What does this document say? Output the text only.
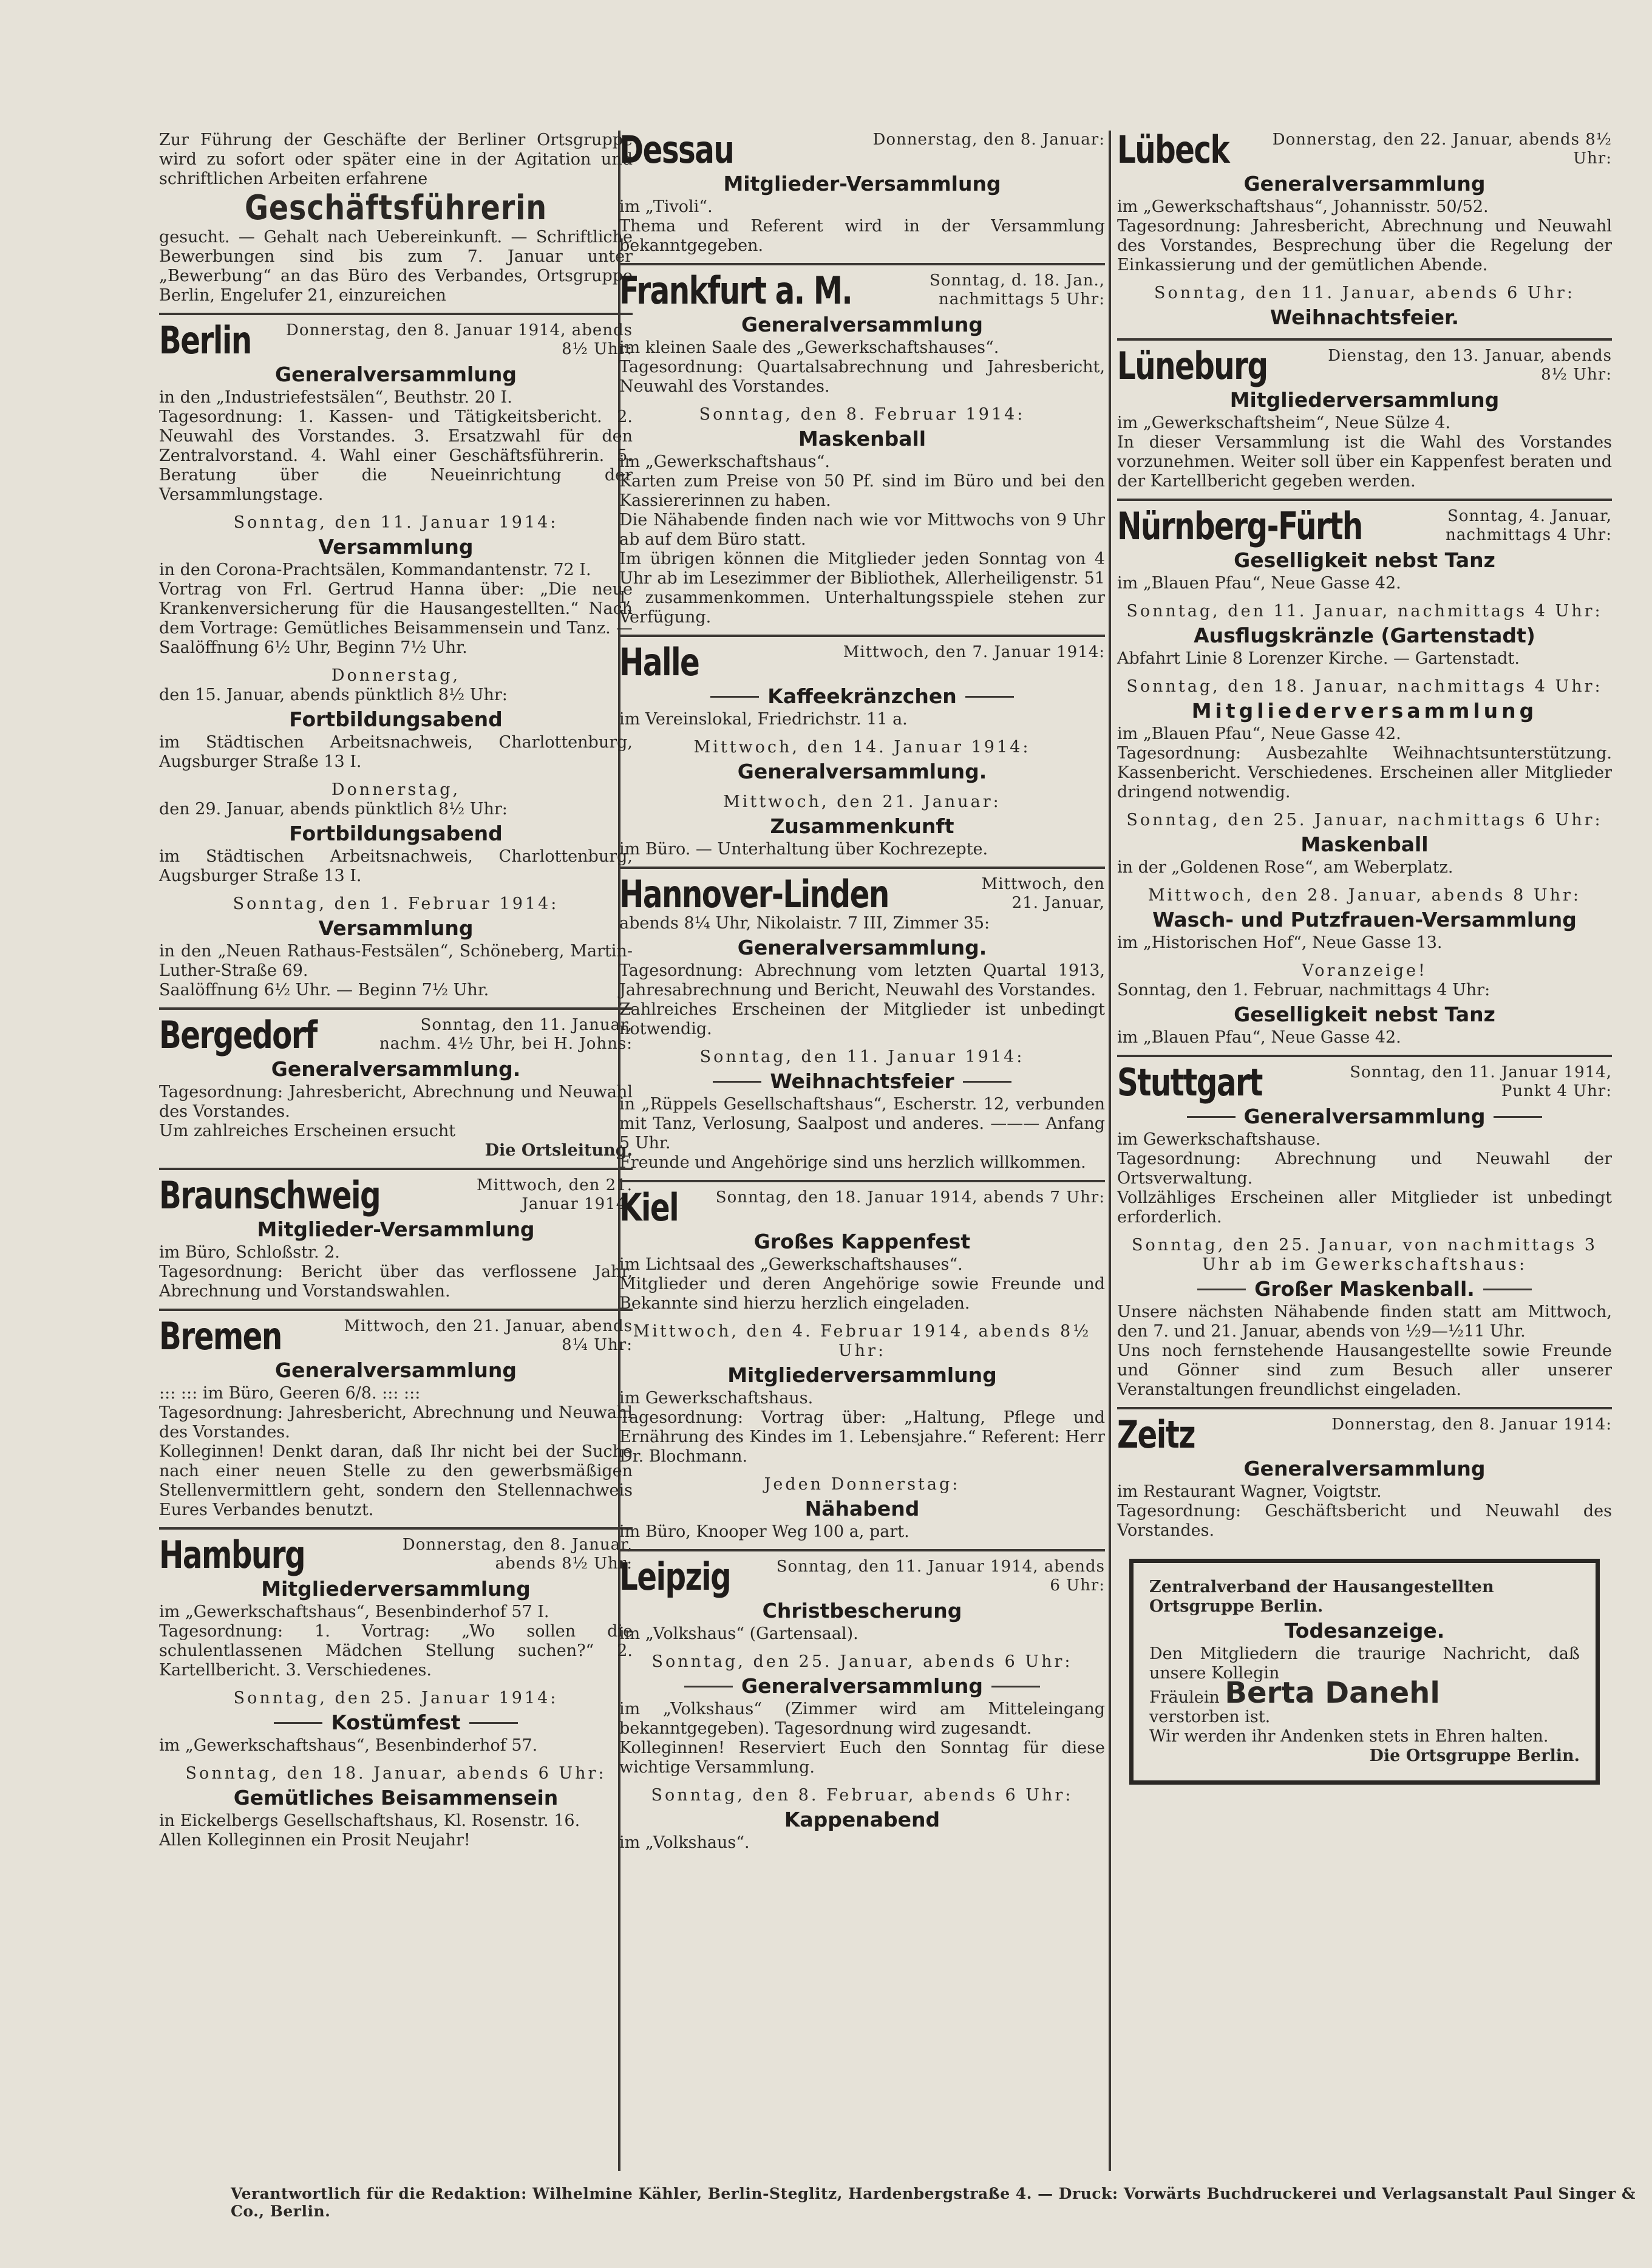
Zur Führung der Geschäfte der Berliner Ortsgruppe wird zu sofort oder später eine in der Agitation und schriftlichen Arbeiten erfahrene
Geschäftsführerin
gesucht. — Gehalt nach Uebereinkunft. — Schriftliche Bewerbungen sind bis zum 7. Januar unter „Bewerbung“ an das Büro des Verbandes, Ortsgruppe Berlin, Engelufer 21, einzureichen
Berlin	Donnerstag, den 8. Januar 1914, abends 8½ Uhr:
Generalversammlung
in den „Industriefestsälen“, Beuthstr. 20 I.
Tagesordnung: 1. Kassen- und Tätigkeitsbericht. 2. Neuwahl des Vorstandes. 3. Ersatzwahl für den Zentralvorstand. 4. Wahl einer Geschäftsführerin. 5. Beratung über die Neueinrichtung der Versammlungstage.
Sonntag, den 11. Januar 1914:
Versammlung
in den Corona-Prachtsälen, Kommandantenstr. 72 I.
Vortrag von Frl. Gertrud Hanna über: „Die neue Krankenversicherung für die Hausangestellten.“ Nach dem Vortrage: Gemütliches Beisammensein und Tanz. — Saalöffnung 6½ Uhr, Beginn 7½ Uhr.
Donnerstag,
den 15. Januar, abends pünktlich 8½ Uhr:
Fortbildungsabend
im Städtischen Arbeitsnachweis, Charlottenburg, Augsburger Straße 13 I.
Donnerstag,
den 29. Januar, abends pünktlich 8½ Uhr:
Fortbildungsabend
im Städtischen Arbeitsnachweis, Charlottenburg, Augsburger Straße 13 I.
Sonntag, den 1. Februar 1914:
Versammlung
in den „Neuen Rathaus-Festsälen“, Schöneberg, Martin-Luther-Straße 69.
Saalöffnung 6½ Uhr. — Beginn 7½ Uhr.
Bergedorf	Sonntag, den 11. Januar, nachm. 4½ Uhr, bei H. Johns:
Generalversammlung.
Tagesordnung: Jahresbericht, Abrechnung und Neuwahl des Vorstandes.
Um zahlreiches Erscheinen ersucht
Die Ortsleitung.
Braunschweig	Mittwoch, den 21. Januar 1914:
Mitglieder-Versammlung
im Büro, Schloßstr. 2.
Tagesordnung: Bericht über das verflossene Jahr, Abrechnung und Vorstandswahlen.
Bremen	Mittwoch, den 21. Januar, abends 8¼ Uhr:
Generalversammlung
::: ::: im Büro, Geeren 6/8. ::: :::
Tagesordnung: Jahresbericht, Abrechnung und Neuwahl des Vorstandes.
Kolleginnen! Denkt daran, daß Ihr nicht bei der Suche nach einer neuen Stelle zu den gewerbsmäßigen Stellenvermittlern geht, sondern den Stellennachweis Eures Verbandes benutzt.
Hamburg	Donnerstag, den 8. Januar, abends 8½ Uhr:
Mitgliederversammlung
im „Gewerkschaftshaus“, Besenbinderhof 57 I.
Tagesordnung: 1. Vortrag: „Wo sollen die schulentlassenen Mädchen Stellung suchen?“ 2. Kartellbericht. 3. Verschiedenes.
Sonntag, den 25. Januar 1914:
Kostümfest
im „Gewerkschaftshaus“, Besenbinderhof 57.
Sonntag, den 18. Januar, abends 6 Uhr:
Gemütliches Beisammensein
in Eickelbergs Gesellschaftshaus, Kl. Rosenstr. 16.
Allen Kolleginnen ein Prosit Neujahr!
Dessau	Donnerstag, den 8. Januar:
Mitglieder-Versammlung
im „Tivoli“.
Thema und Referent wird in der Versammlung bekanntgegeben.
Frankfurt a. M.	Sonntag, d. 18. Jan., nachmittags 5 Uhr:
Generalversammlung
im kleinen Saale des „Gewerkschaftshauses“.
Tagesordnung: Quartalsabrechnung und Jahresbericht, Neuwahl des Vorstandes.
Sonntag, den 8. Februar 1914:
Maskenball
im „Gewerkschaftshaus“.
Karten zum Preise von 50 Pf. sind im Büro und bei den Kassiererinnen zu haben.
Die Nähabende finden nach wie vor Mittwochs von 9 Uhr ab auf dem Büro statt.
Im übrigen können die Mitglieder jeden Sonntag von 4 Uhr ab im Lesezimmer der Bibliothek, Allerheiligenstr. 51 I, zusammenkommen. Unterhaltungsspiele stehen zur Verfügung.
Halle	Mittwoch, den 7. Januar 1914:
Kaffeekränzchen
im Vereinslokal, Friedrichstr. 11 a.
Mittwoch, den 14. Januar 1914:
Generalversammlung.
Mittwoch, den 21. Januar:
Zusammenkunft
im Büro. — Unterhaltung über Kochrezepte.
Hannover-Linden	Mittwoch, den 21. Januar,
abends 8¼ Uhr, Nikolaistr. 7 III, Zimmer 35:
Generalversammlung.
Tagesordnung: Abrechnung vom letzten Quartal 1913, Jahresabrechnung und Bericht, Neuwahl des Vorstandes.
Zahlreiches Erscheinen der Mitglieder ist unbedingt notwendig.
Sonntag, den 11. Januar 1914:
Weihnachtsfeier
in „Rüppels Gesellschaftshaus“, Escherstr. 12, verbunden mit Tanz, Verlosung, Saalpost und anderes. ——— Anfang 5 Uhr.
Freunde und Angehörige sind uns herzlich willkommen.
Kiel	Sonntag, den 18. Januar 1914, abends 7 Uhr:
Großes Kappenfest
im Lichtsaal des „Gewerkschaftshauses“.
Mitglieder und deren Angehörige sowie Freunde und Bekannte sind hierzu herzlich eingeladen.
Mittwoch, den 4. Februar 1914, abends 8½ Uhr:
Mitgliederversammlung
im Gewerkschaftshaus.
Tagesordnung: Vortrag über: „Haltung, Pflege und Ernährung des Kindes im 1. Lebensjahre.“ Referent: Herr Dr. Blochmann.
Jeden Donnerstag:
Nähabend
im Büro, Knooper Weg 100 a, part.
Leipzig	Sonntag, den 11. Januar 1914, abends 6 Uhr:
Christbescherung
im „Volkshaus“ (Gartensaal).
Sonntag, den 25. Januar, abends 6 Uhr:
Generalversammlung
im „Volkshaus“ (Zimmer wird am Mitteleingang bekanntgegeben). Tagesordnung wird zugesandt.
Kolleginnen! Reserviert Euch den Sonntag für diese wichtige Versammlung.
Sonntag, den 8. Februar, abends 6 Uhr:
Kappenabend
im „Volkshaus“.
Lübeck	Donnerstag, den 22. Januar, abends 8½ Uhr:
Generalversammlung
im „Gewerkschaftshaus“, Johannisstr. 50/52.
Tagesordnung: Jahresbericht, Abrechnung und Neuwahl des Vorstandes, Besprechung über die Regelung der Einkassierung und der gemütlichen Abende.
Sonntag, den 11. Januar, abends 6 Uhr:
Weihnachtsfeier.
Lüneburg	Dienstag, den 13. Januar, abends 8½ Uhr:
Mitgliederversammlung
im „Gewerkschaftsheim“, Neue Sülze 4.
In dieser Versammlung ist die Wahl des Vorstandes vorzunehmen. Weiter soll über ein Kappenfest beraten und der Kartellbericht gegeben werden.
Nürnberg-Fürth	Sonntag, 4. Januar, nachmittags 4 Uhr:
Geselligkeit nebst Tanz
im „Blauen Pfau“, Neue Gasse 42.
Sonntag, den 11. Januar, nachmittags 4 Uhr:
Ausflugskränzle (Gartenstadt)
Abfahrt Linie 8 Lorenzer Kirche. — Gartenstadt.
Sonntag, den 18. Januar, nachmittags 4 Uhr:
Mitgliederversammlung
im „Blauen Pfau“, Neue Gasse 42.
Tagesordnung: Ausbezahlte Weihnachtsunterstützung. Kassenbericht. Verschiedenes. Erscheinen aller Mitglieder dringend notwendig.
Sonntag, den 25. Januar, nachmittags 6 Uhr:
Maskenball
in der „Goldenen Rose“, am Weberplatz.
Mittwoch, den 28. Januar, abends 8 Uhr:
Wasch- und Putzfrauen-Versammlung
im „Historischen Hof“, Neue Gasse 13.
Voranzeige!
Sonntag, den 1. Februar, nachmittags 4 Uhr:
Geselligkeit nebst Tanz
im „Blauen Pfau“, Neue Gasse 42.
Stuttgart	Sonntag, den 11. Januar 1914, Punkt 4 Uhr:
Generalversammlung
im Gewerkschaftshause.
Tagesordnung: Abrechnung und Neuwahl der Ortsverwaltung.
Vollzähliges Erscheinen aller Mitglieder ist unbedingt erforderlich.
Sonntag, den 25. Januar, von nachmittags 3 Uhr ab im Gewerkschaftshaus:
Großer Maskenball.
Unsere nächsten Nähabende finden statt am Mittwoch, den 7. und 21. Januar, abends von ½9—½11 Uhr.
Uns noch fernstehende Hausangestellte sowie Freunde und Gönner sind zum Besuch aller unserer Veranstaltungen freundlichst eingeladen.
Zeitz	Donnerstag, den 8. Januar 1914:
Generalversammlung
im Restaurant Wagner, Voigtstr.
Tagesordnung: Geschäftsbericht und Neuwahl des Vorstandes.
Zentralverband der Hausangestellten
Ortsgruppe Berlin.
Todesanzeige.
Den Mitgliedern die traurige Nachricht, daß unsere Kollegin
Fräulein Berta Danehl
verstorben ist.
Wir werden ihr Andenken stets in Ehren halten.
Die Ortsgruppe Berlin.
Verantwortlich für die Redaktion: Wilhelmine Kähler, Berlin-Steglitz, Hardenbergstraße 4. — Druck: Vorwärts Buchdruckerei und Verlagsanstalt Paul Singer & Co., Berlin.
